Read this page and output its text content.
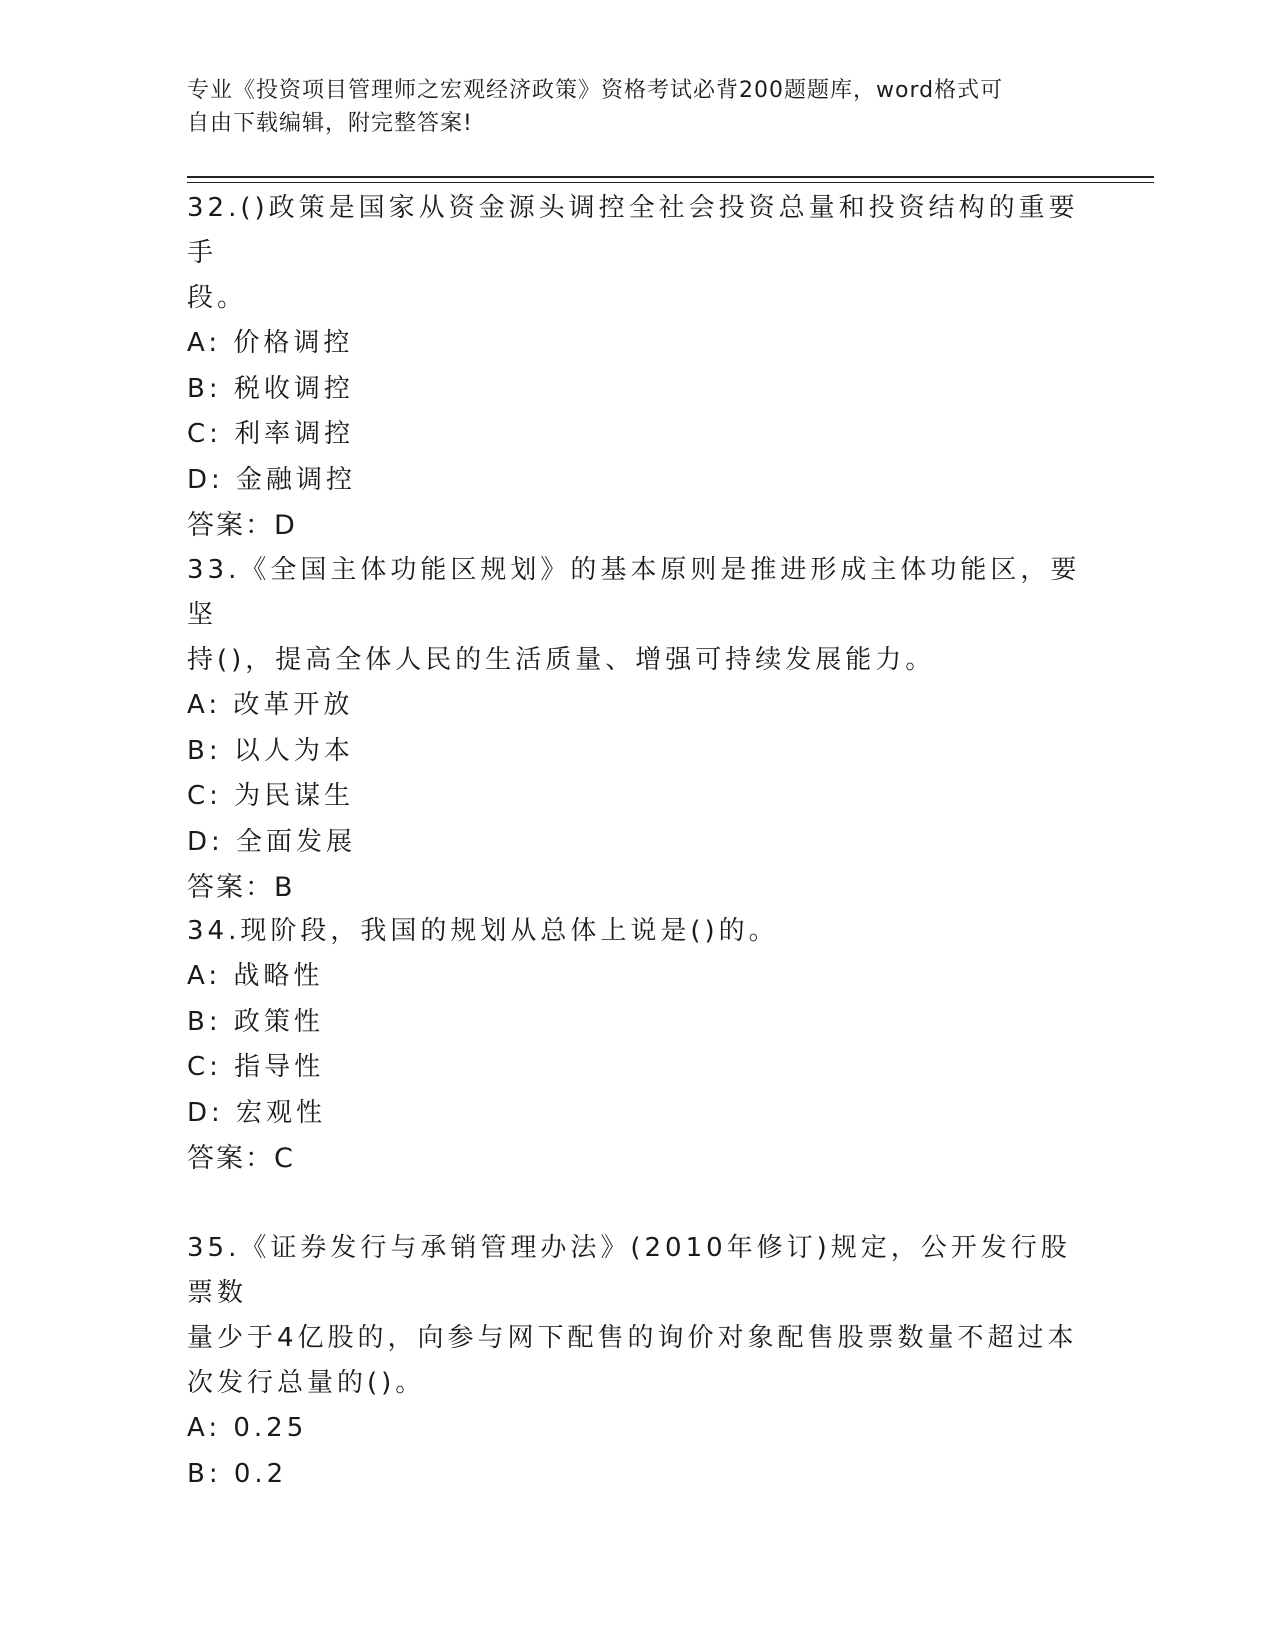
专业《投资项目管理师之宏观经济政策》资格考试必背200题题库，word格式可
自由下载编辑，附完整答案!
32.()政策是国家从资金源头调控全社会投资总量和投资结构的重要手
段。
A: 价格调控
B: 税收调控
C: 利率调控
D: 金融调控
答案：D
33.《全国主体功能区规划》的基本原则是推进形成主体功能区，要坚
持()，提高全体人民的生活质量、增强可持续发展能力。
A: 改革开放
B: 以人为本
C: 为民谋生
D: 全面发展
答案：B
34.现阶段，我国的规划从总体上说是()的。
A: 战略性
B: 政策性
C: 指导性
D: 宏观性
答案：C
35.《证券发行与承销管理办法》(2010年修订)规定，公开发行股票数
量少于4亿股的，向参与网下配售的询价对象配售股票数量不超过本
次发行总量的()。
A: 0.25
B: 0.2
